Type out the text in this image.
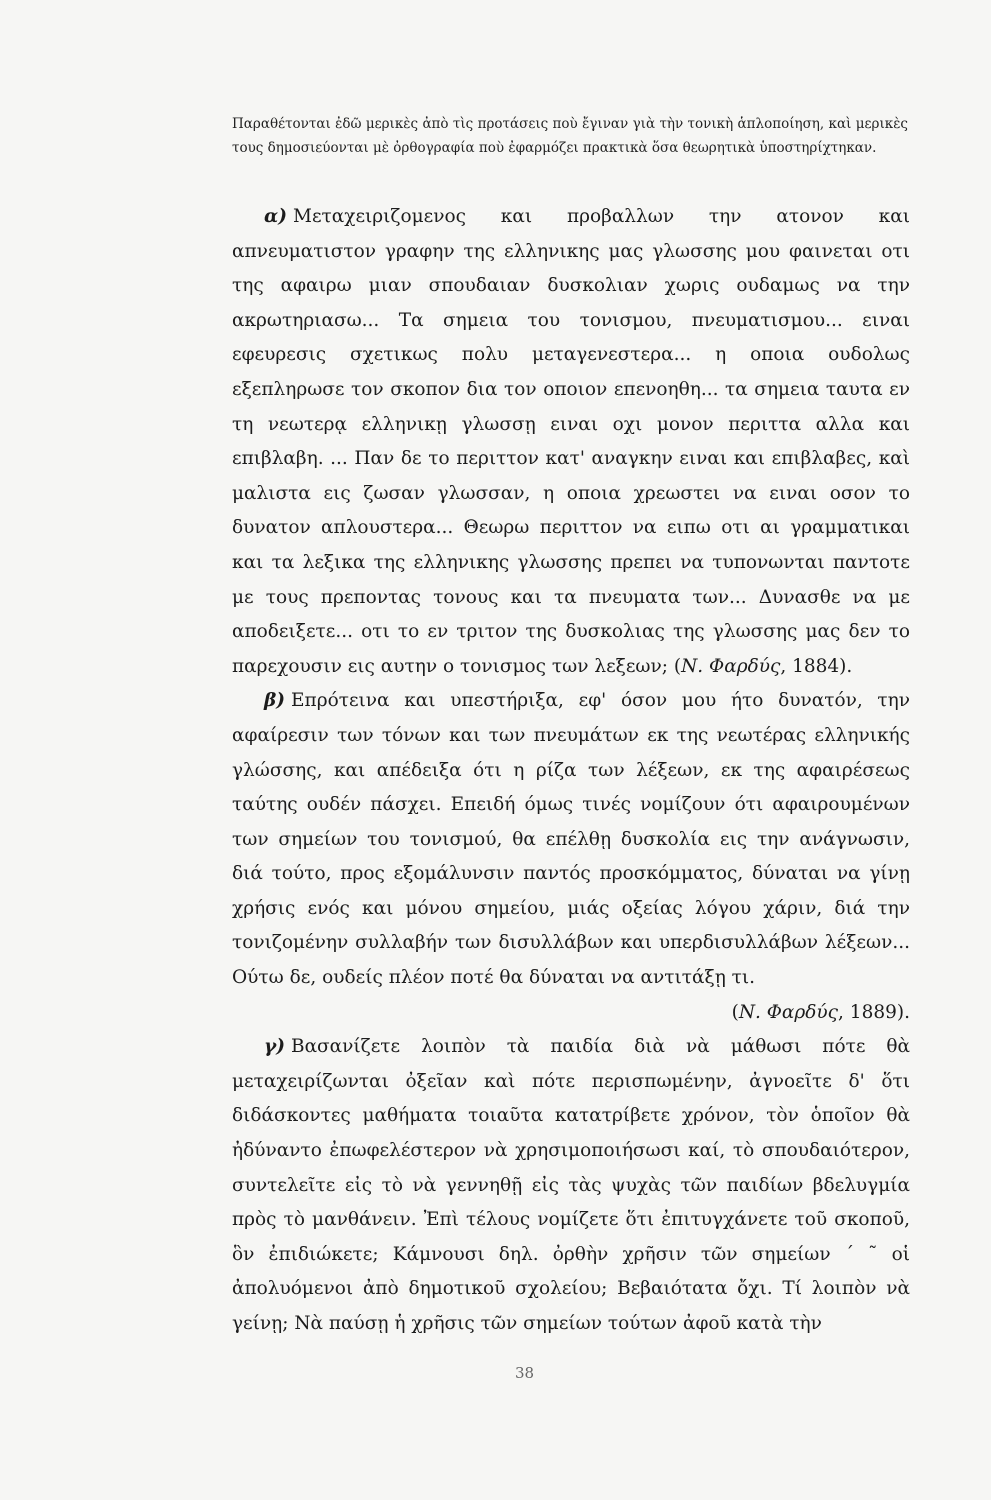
Παραθέτονται ἐδῶ μερικὲς ἀπὸ τὶς προτάσεις ποὺ ἔγιναν γιὰ τὴν τονικὴ ἁπλοποίηση, καὶ μερικὲς τους δημοσιεύονται μὲ ὀρθογραφία ποὺ ἐφαρμόζει πρακτικὰ ὅσα θεωρητικὰ ὑποστηρίχτηκαν.

α) Μεταχειριζομενος και προβαλλων την ατονον και απνευματιστον γραφην της ελληνικης μας γλωσσης μου φαινεται οτι της αφαιρω μιαν σπουδαιαν δυσκολιαν χωρις ουδαμως να την ακρωτηριασω... Τα σημεια του τονισμου, πνευματισμου... ειναι εφευρεσις σχετικως πολυ μεταγενεστερα... η οποια ουδολως εξεπληρωσε τον σκοπον δια τον οποιον επενοηθη... τα σημεια ταυτα εν τη νεωτερᾳ ελληνικῃ γλωσσῃ ειναι οχι μονον περιττα αλλα και επιβλαβη. ... Παν δε το περιττον κατ' αναγκην ειναι και επιβλαβες, καὶ μαλιστα εις ζωσαν γλωσσαν, η οποια χρεωστει να ειναι οσον το δυνατον απλουστερα... Θεωρω περιττον να ειπω οτι αι γραμματικαι και τα λεξικα της ελληνικης γλωσσης πρεπει να τυπονωνται παντοτε με τους πρεποντας τονους και τα πνευματα των... Δυνασθε να με αποδειξετε... οτι το εν τριτον της δυσκολιας της γλωσσης μας δεν το παρεχουσιν εις αυτην ο τονισμος των λεξεων; (Ν. Φαρδύς, 1884).

β) Επρότεινα και υπεστήριξα, εφ' όσον μου ήτο δυνατόν, την αφαίρεσιν των τόνων και των πνευμάτων εκ της νεωτέρας ελληνικής γλώσσης, και απέδειξα ότι η ρίζα των λέξεων, εκ της αφαιρέσεως ταύτης ουδέν πάσχει. Επειδή όμως τινές νομίζουν ότι αφαιρουμένων των σημείων του τονισμού, θα επέλθῃ δυσκολία εις την ανάγνωσιν, διά τούτο, προς εξομάλυνσιν παντός προσκόμματος, δύναται να γίνῃ χρήσις ενός και μόνου σημείου, μιάς οξείας λόγου χάριν, διά την τονιζομένην συλλαβήν των δισυλλάβων και υπερδισυλλάβων λέξεων... Ούτω δε, ουδείς πλέον ποτέ θα δύναται να αντιτάξῃ τι.
(Ν. Φαρδύς, 1889).

γ) Βασανίζετε λοιπὸν τὰ παιδία διὰ νὰ μάθωσι πότε θὰ μεταχειρίζωνται ὀξεῖαν καὶ πότε περισπωμένην, ἀγνοεῖτε δ' ὅτι διδάσκοντες μαθήματα τοιαῦτα κατατρίβετε χρόνον, τὸν ὁποῖον θὰ ἠδύναντο ἐπωφελέστερον νὰ χρησιμοποιήσωσι καί, τὸ σπουδαιότερον, συντελεῖτε εἰς τὸ νὰ γεννηθῇ εἰς τὰς ψυχὰς τῶν παιδίων βδελυγμία πρὸς τὸ μανθάνειν. Ἐπὶ τέλους νομίζετε ὅτι ἐπιτυγχάνετε τοῦ σκοποῦ, ὃν ἐπιδιώκετε; Κάμνουσι δηλ. ὀρθὴν χρῆσιν τῶν σημείων ΄ ˜ οἱ ἀπολυόμενοι ἀπὸ δημοτικοῦ σχολείου; Βεβαιότατα ὄχι. Τί λοιπὸν νὰ γείνῃ; Νὰ παύσῃ ἡ χρῆσις τῶν σημείων τούτων ἀφοῦ κατὰ τὴν

38
